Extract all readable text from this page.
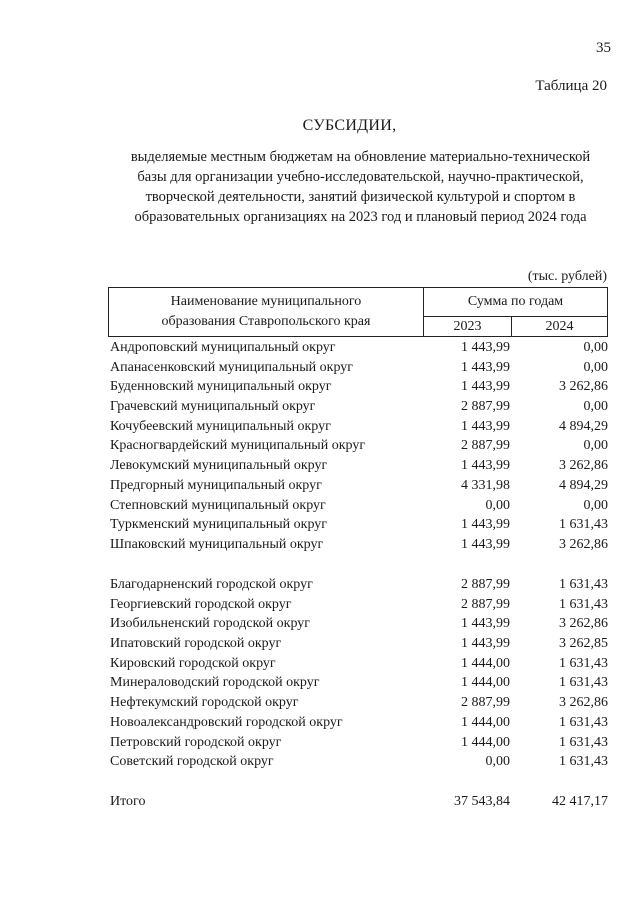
35
Таблица 20
СУБСИДИИ,
выделяемые местным бюджетам на обновление материально-технической
базы для организации учебно-исследовательской, научно-практической,
творческой деятельности, занятий физической культурой и спортом в
образовательных организациях на 2023 год и плановый период 2024 года
(тыс. рублей)
Наименование муниципального
образования Ставропольского края
Сумма по годам
2023	2024
Андроповский муниципальный округ	1 443,99	0,00
Апанасенковский муниципальный округ	1 443,99	0,00
Буденновский муниципальный округ	1 443,99	3 262,86
Грачевский муниципальный округ	2 887,99	0,00
Кочубеевский муниципальный округ	1 443,99	4 894,29
Красногвардейский муниципальный округ	2 887,99	0,00
Левокумский муниципальный округ	1 443,99	3 262,86
Предгорный муниципальный округ	4 331,98	4 894,29
Степновский муниципальный округ	0,00	0,00
Туркменский муниципальный округ	1 443,99	1 631,43
Шпаковский муниципальный округ	1 443,99	3 262,86
Благодарненский городской округ	2 887,99	1 631,43
Георгиевский городской округ	2 887,99	1 631,43
Изобильненский городской округ	1 443,99	3 262,86
Ипатовский городской округ	1 443,99	3 262,85
Кировский городской округ	1 444,00	1 631,43
Минераловодский городской округ	1 444,00	1 631,43
Нефтекумский городской округ	2 887,99	3 262,86
Новоалександровский городской округ	1 444,00	1 631,43
Петровский городской округ	1 444,00	1 631,43
Советский городской округ	0,00	1 631,43
Итого	37 543,84	42 417,17
